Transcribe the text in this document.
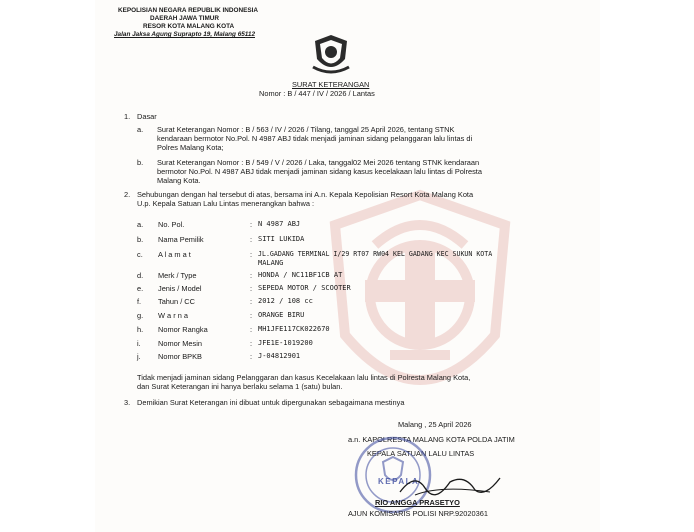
KEPOLISIAN NEGARA REPUBLIK INDONESIA
DAERAH JAWA TIMUR
RESOR KOTA MALANG KOTA
Jalan Jaksa Agung Suprapto 19, Malang 65112
SURAT KETERANGAN
Nomor : B / 447 / IV / 2026 / Lantas
1. Dasar
a. Surat Keterangan Nomor : B / 563 / IV / 2026 / Tilang, tanggal 25 April 2026, tentang STNK
kendaraan bermotor No.Pol. N 4987 ABJ tidak menjadi jaminan sidang pelanggaran lalu lintas di
Polres Malang Kota;
b. Surat Keterangan Nomor : B / 549 / V / 2026 / Laka, tanggal02 Mei 2026 tentang STNK kendaraan
bermotor No.Pol. N 4987 ABJ tidak menjadi jaminan sidang kasus kecelakaan lalu lintas di Polresta
Malang Kota.
2. Sehubungan dengan hal tersebut di atas, bersama ini A.n. Kepala Kepolisian Resort Kota Malang Kota
U.p. Kepala Satuan Lalu Lintas menerangkan bahwa :
a. No. Pol.	: N 4987 ABJ
b. Nama Pemilik	: SITI LUKIDA
c. A l a m a t	: JL.GADANG TERMINAL I/29 RT07 RW04 KEL GADANG KEC SUKUN KOTA
MALANG
d. Merk / Type	: HONDA / NC11BF1CB AT
e. Jenis / Model	: SEPEDA MOTOR / SCOOTER
f. Tahun / CC	: 2012 / 108 cc
g. W a r n a	: ORANGE BIRU
h. Nomor Rangka	: MH1JFE117CK022670
i. Nomor Mesin	: JFE1E-1019200
j. Nomor BPKB	: J-04812901
Tidak menjadi jaminan sidang Pelanggaran dan kasus Kecelakaan lalu lintas di Polresta Malang Kota,
dan Surat Keterangan ini hanya berlaku selama 1 (satu) bulan.
3. Demikian Surat Keterangan ini dibuat untuk dipergunakan sebagaimana mestinya
Malang , 25 April 2026
a.n. KAPOLRESTA MALANG KOTA POLDA JATIM
KEPALA SATUAN LALU LINTAS
KEPALA
RIO ANGGA PRASETYO
AJUN KOMISARIS POLISI NRP.92020361
